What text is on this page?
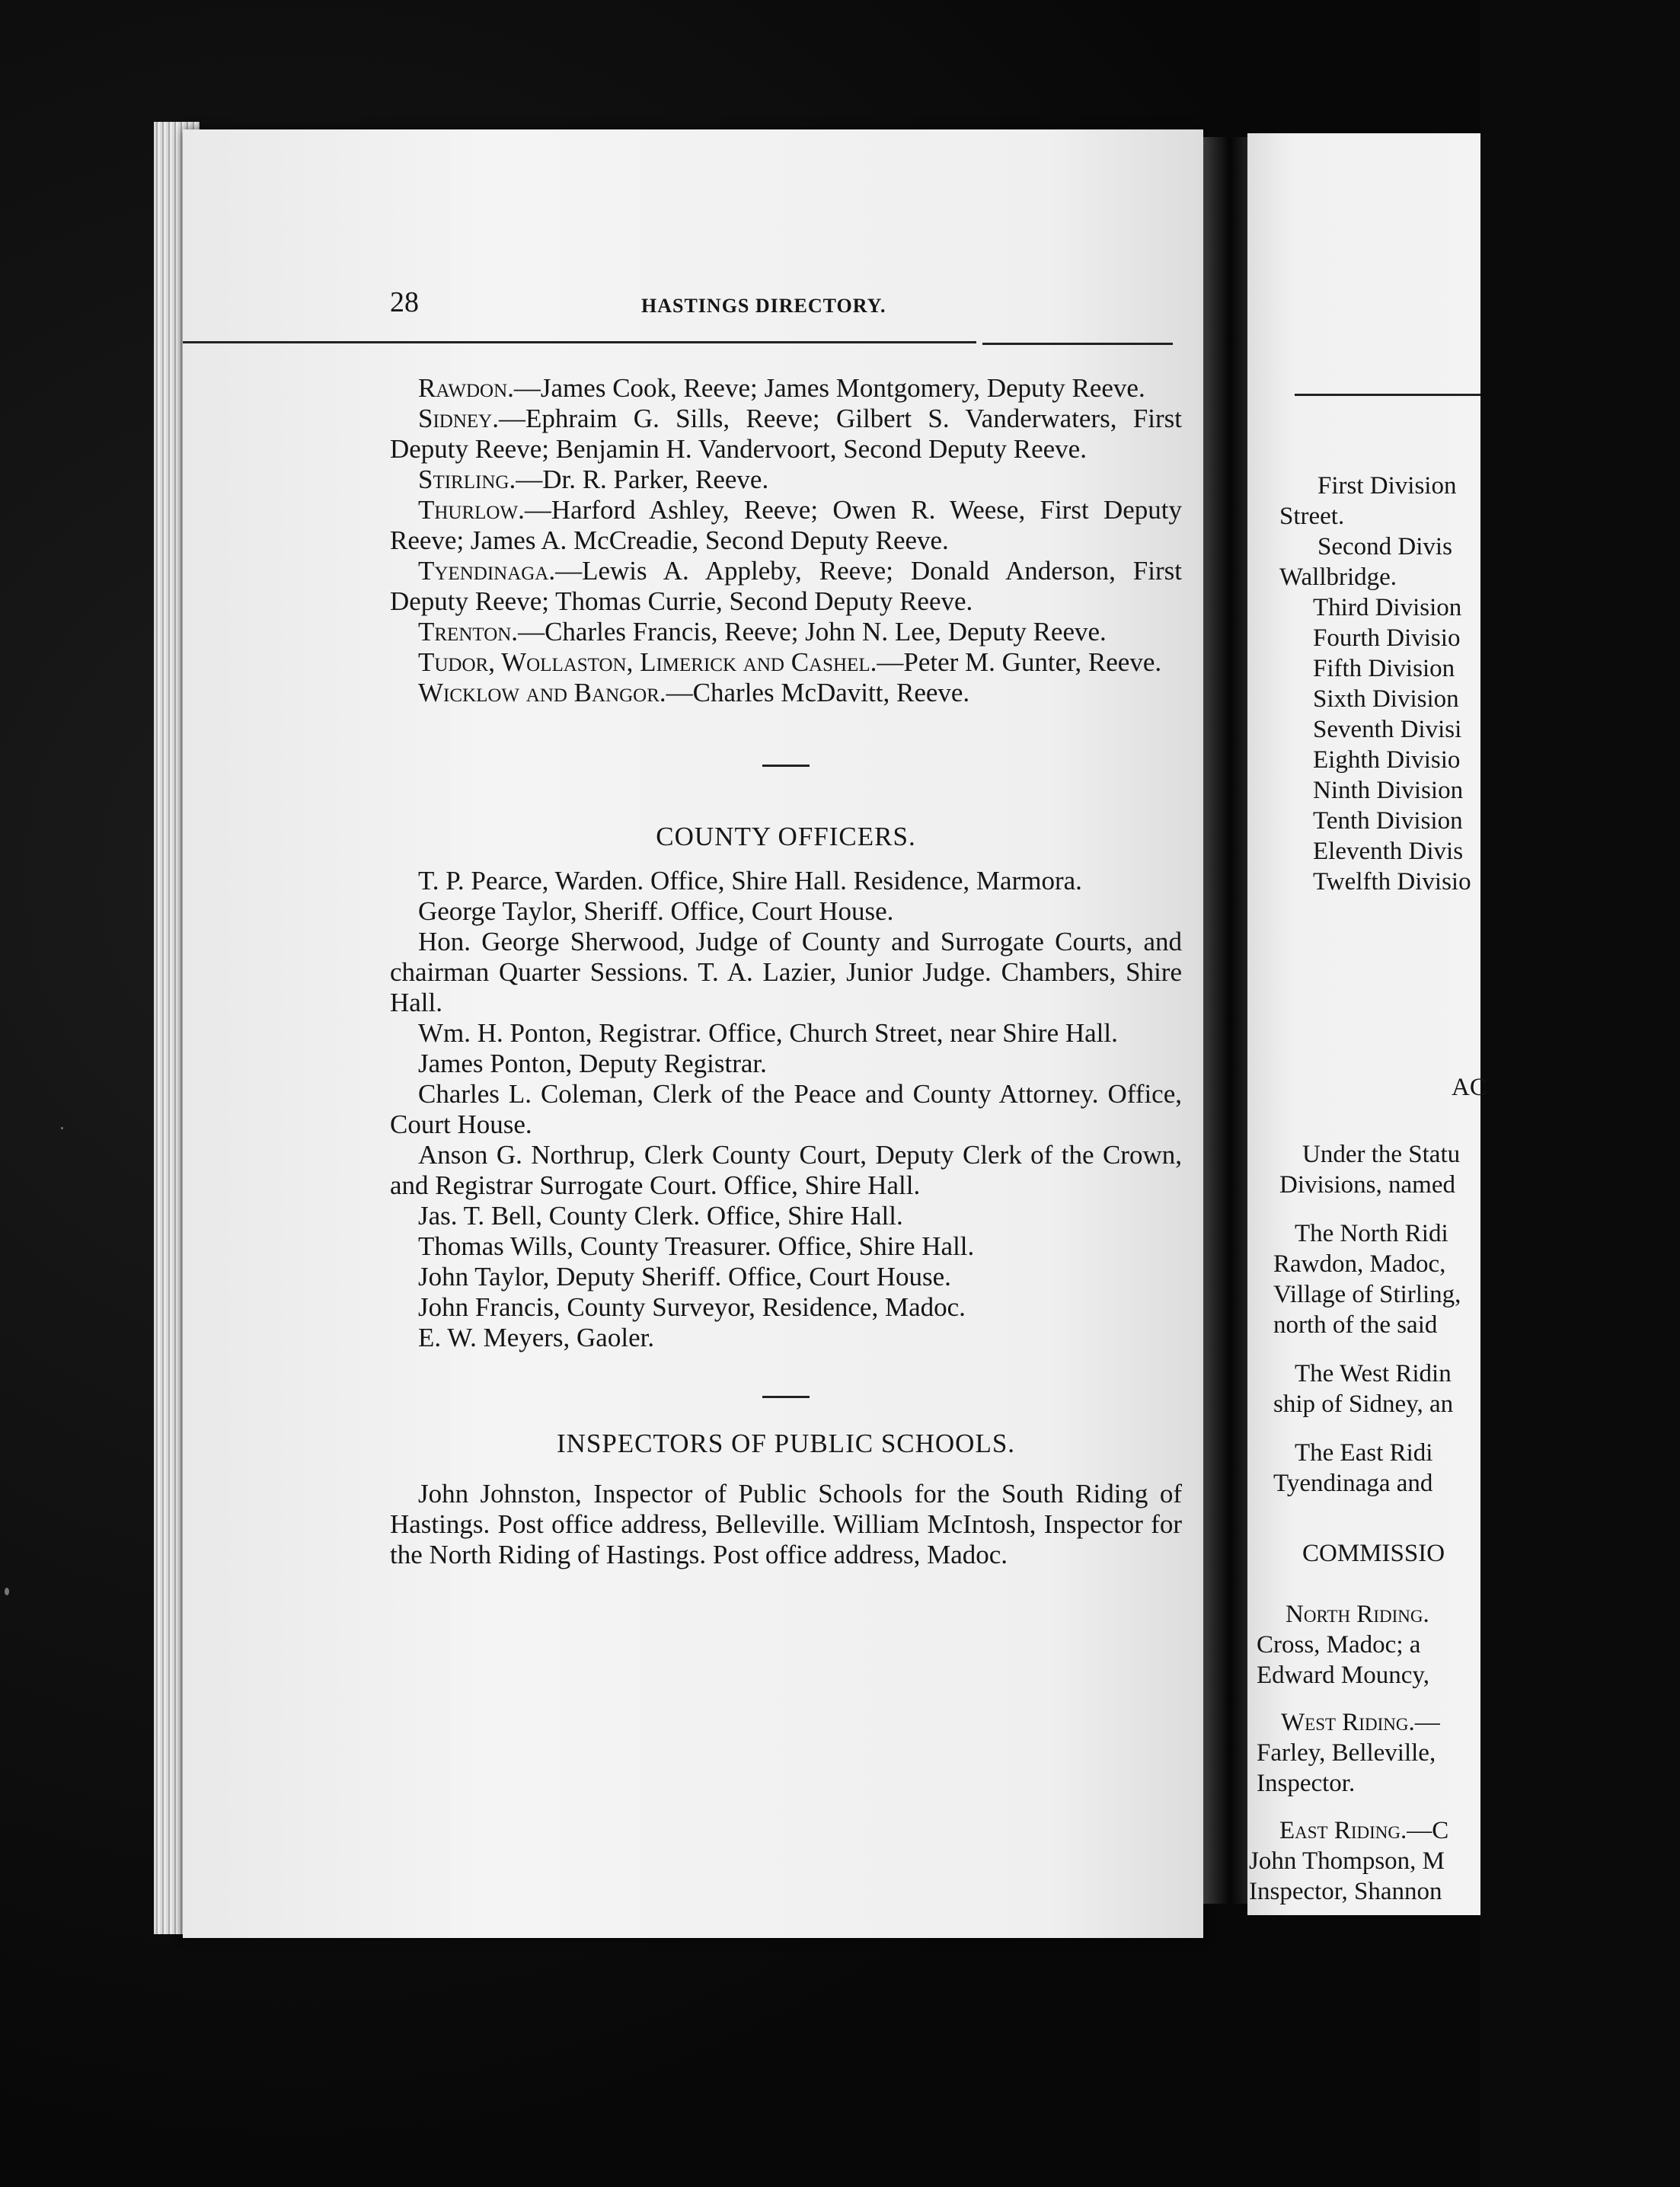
28	HASTINGS DIRECTORY.

Rawdon.—James Cook, Reeve; James Montgomery, Deputy Reeve.

Sidney.—Ephraim G. Sills, Reeve; Gilbert S. Vanderwaters, First Deputy Reeve; Benjamin H. Vandervoort, Second Deputy Reeve.

Stirling.—Dr. R. Parker, Reeve.

Thurlow.—Harford Ashley, Reeve; Owen R. Weese, First Deputy Reeve; James A. McCreadie, Second Deputy Reeve.

Tyendinaga.—Lewis A. Appleby, Reeve; Donald Anderson, First Deputy Reeve; Thomas Currie, Second Deputy Reeve.

Trenton.—Charles Francis, Reeve; John N. Lee, Deputy Reeve.

Tudor, Wollaston, Limerick and Cashel.—Peter M. Gunter, Reeve.

Wicklow and Bangor.—Charles McDavitt, Reeve.

COUNTY OFFICERS.

T. P. Pearce, Warden. Office, Shire Hall. Residence, Marmora.

George Taylor, Sheriff. Office, Court House.

Hon. George Sherwood, Judge of County and Surrogate Courts, and chairman Quarter Sessions. T. A. Lazier, Junior Judge. Chambers, Shire Hall.

Wm. H. Ponton, Registrar. Office, Church Street, near Shire Hall.

James Ponton, Deputy Registrar.

Charles L. Coleman, Clerk of the Peace and County Attorney. Office, Court House.

Anson G. Northrup, Clerk County Court, Deputy Clerk of the Crown, and Registrar Surrogate Court. Office, Shire Hall.

Jas. T. Bell, County Clerk. Office, Shire Hall.

Thomas Wills, County Treasurer. Office, Shire Hall.

John Taylor, Deputy Sheriff. Office, Court House.

John Francis, County Surveyor, Residence, Madoc.

E. W. Meyers, Gaoler.

INSPECTORS OF PUBLIC SCHOOLS.

John Johnston, Inspector of Public Schools for the South Riding of Hastings. Post office address, Belleville. William McIntosh, Inspector for the North Riding of Hastings. Post office address, Madoc.

First Division
Street.
Second Divis
Wallbridge.
Third Division
Fourth Divisio
Fifth Division
Sixth Division
Seventh Divisi
Eighth Divisio
Ninth Division
Tenth Division
Eleventh Divis
Twelfth Divisio
AC
Under the Statu
Divisions, named
The North Ridi
Rawdon, Madoc,
Village of Stirling,
north of the said
The West Ridin
ship of Sidney, an
The East Ridi
Tyendinaga and
COMMISSIO
North Riding.
Cross, Madoc; a
Edward Mouncy,
West Riding.—
Farley, Belleville,
Inspector.
East Riding.—C
John Thompson, M
Inspector, Shannon
